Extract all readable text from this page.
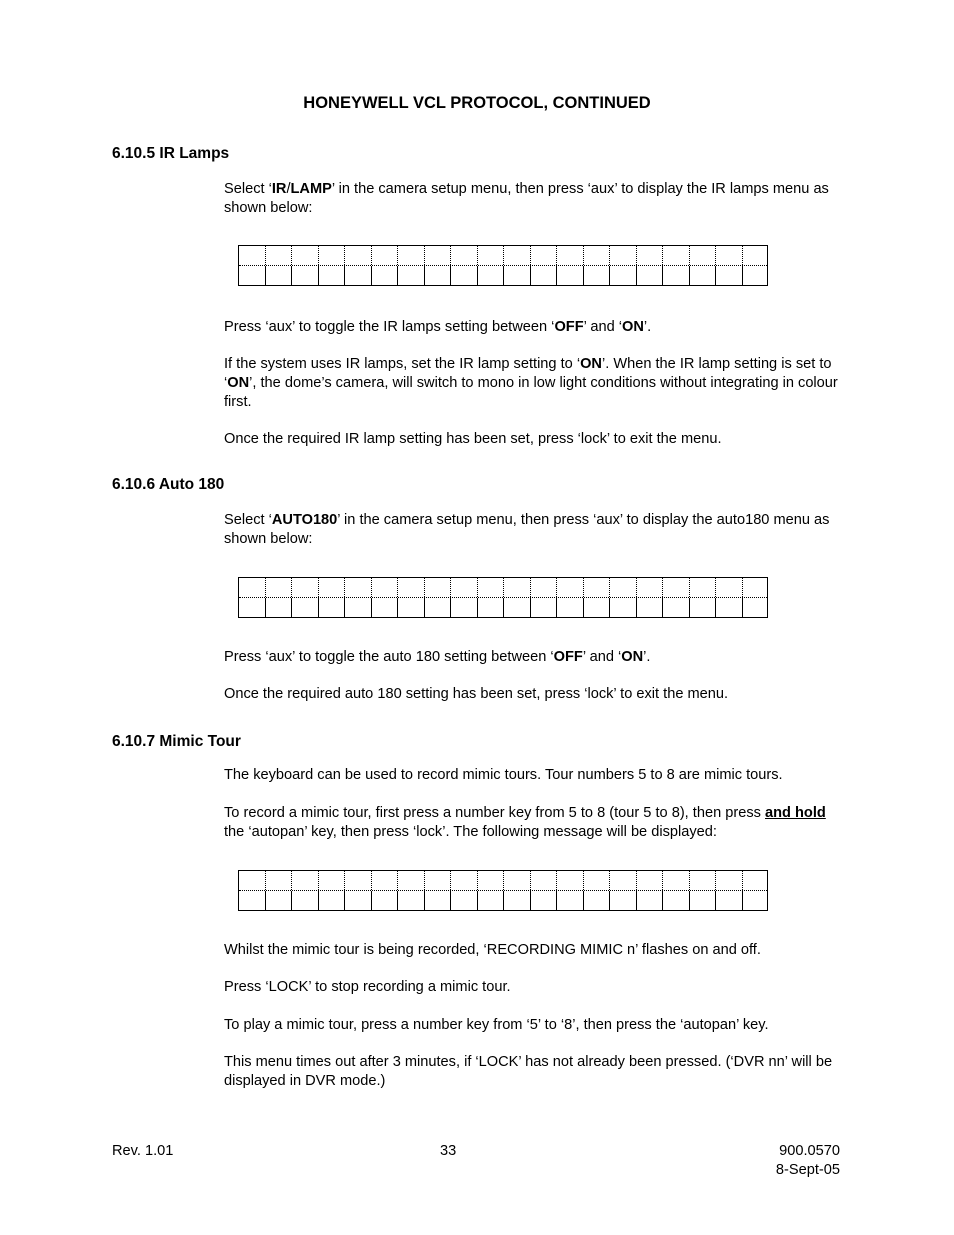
HONEYWELL VCL PROTOCOL, CONTINUED
6.10.5 IR Lamps
Select ‘IR/LAMP’ in the camera setup menu, then press ‘aux’ to display the IR lamps menu as shown below:
Press ‘aux’ to toggle the IR lamps setting between ‘OFF’ and ‘ON’.
If the system uses IR lamps, set the IR lamp setting to ‘ON’. When the IR lamp setting is set to ‘ON’, the dome’s camera, will switch to mono in low light conditions without integrating in colour first.
Once the required IR lamp setting has been set, press ‘lock’ to exit the menu.
6.10.6 Auto 180
Select ‘AUTO180’ in the camera setup menu, then press ‘aux’ to display the auto180 menu as shown below:
Press ‘aux’ to toggle the auto 180 setting between ‘OFF’ and ‘ON’.
Once the required auto 180 setting has been set, press ‘lock’ to exit the menu.
6.10.7 Mimic Tour
The keyboard can be used to record mimic tours. Tour numbers 5 to 8 are mimic tours.
To record a mimic tour, first press a number key from 5 to 8 (tour 5 to 8), then press and hold the ‘autopan’ key, then press ‘lock’. The following message will be displayed:
Whilst the mimic tour is being recorded, ‘RECORDING MIMIC n’ flashes on and off.
Press ‘LOCK’ to stop recording a mimic tour.
To play a mimic tour, press a number key from ‘5’ to ‘8’, then press the ‘autopan’ key.
This menu times out after 3 minutes, if ‘LOCK’ has not already been pressed. (‘DVR nn’ will be displayed in DVR mode.)
Rev. 1.01	33	900.0570
8-Sept-05
